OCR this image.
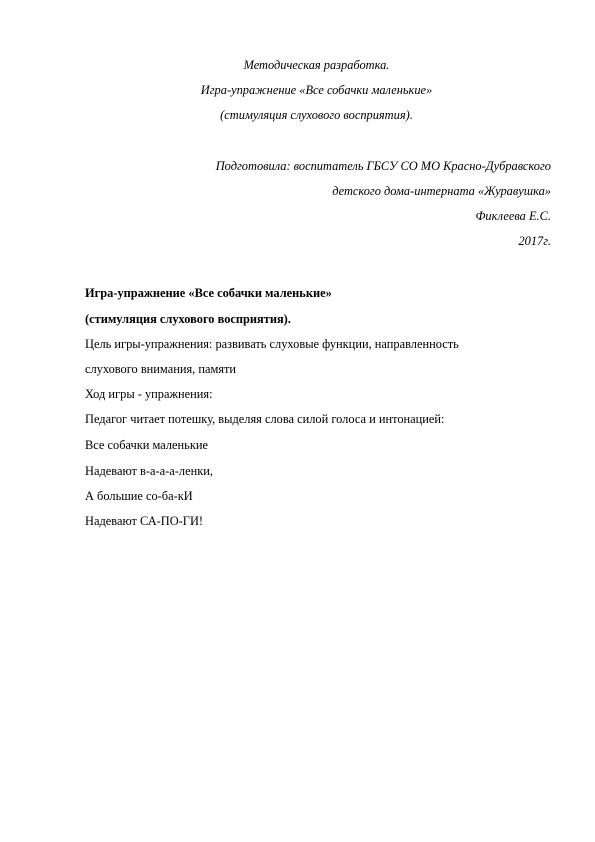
Методическая разработка.
Игра-упражнение «Все собачки маленькие»
(стимуляция слухового восприятия).
Подготовила: воспитатель ГБСУ СО МО Красно-Дубравского
детского дома-интерната «Журавушка»
Фиклеева Е.С.
2017г.
Игра-упражнение «Все собачки маленькие»
(стимуляция слухового восприятия).
Цель игры-упражнения: развивать слуховые функции, направленность
слухового внимания, памяти
Ход игры - упражнения:
Педагог читает потешку, выделяя слова силой голоса и интонацией:
Все собачки маленькие
Надевают в-а-а-а-ленки,
А большие со-ба-кИ
Надевают СА-ПО-ГИ!
